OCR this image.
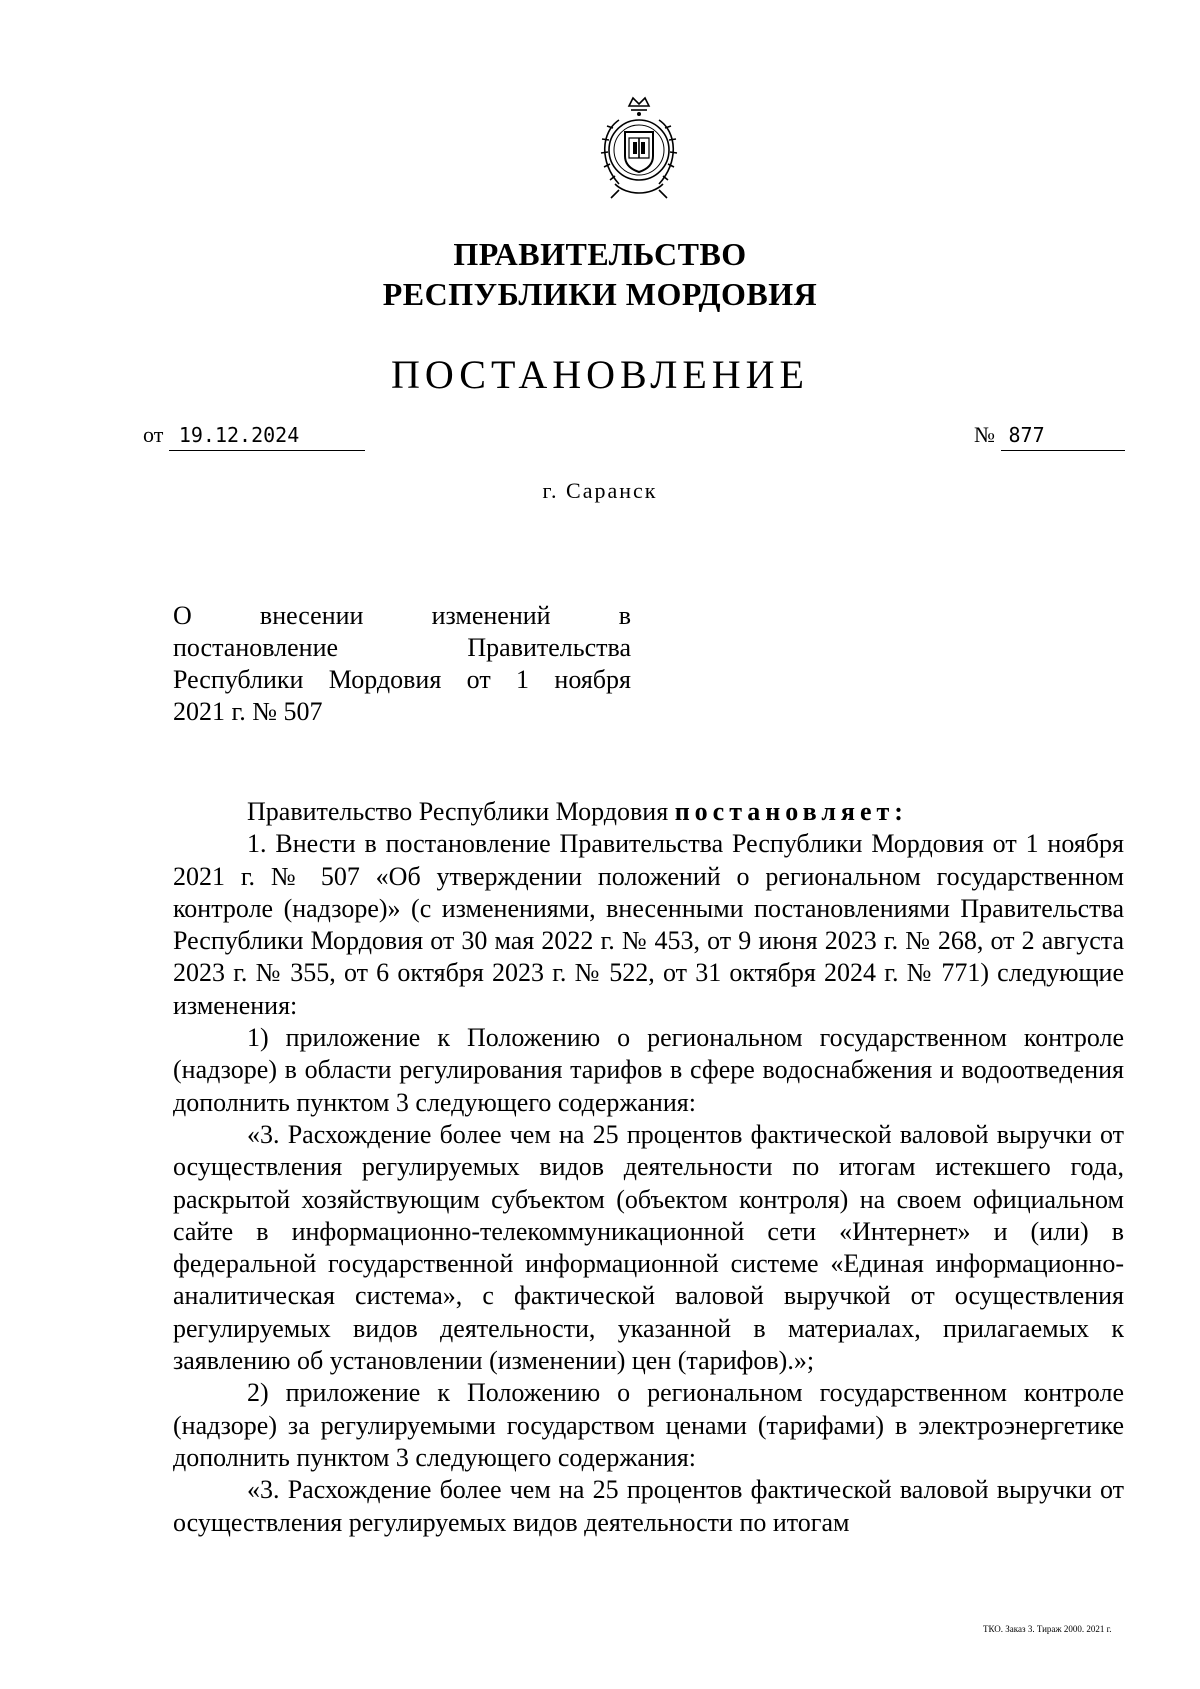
ПРАВИТЕЛЬСТВО
РЕСПУБЛИКИ МОРДОВИЯ
ПОСТАНОВЛЕНИЕ
от 19.12.2024	№ 877
г. Саранск
О внесении изменений в
постановление Правительства
Республики Мордовия от 1 ноября
2021 г. № 507

Правительство Республики Мордовия постановляет:

1. Внести в постановление Правительства Республики Мордовия от 1 ноября 2021 г. № 507 «Об утверждении положений о региональном государственном контроле (надзоре)» (с изменениями, внесенными постановлениями Правительства Республики Мордовия от 30 мая 2022 г. № 453, от 9 июня 2023 г. № 268, от 2 августа 2023 г. № 355, от 6 октября 2023 г. № 522, от 31 октября 2024 г. № 771) следующие изменения:

1) приложение к Положению о региональном государственном контроле (надзоре) в области регулирования тарифов в сфере водоснабжения и водоотведения дополнить пунктом 3 следующего содержания:

«3. Расхождение более чем на 25 процентов фактической валовой выручки от осуществления регулируемых видов деятельности по итогам истекшего года, раскрытой хозяйствующим субъектом (объектом контроля) на своем официальном сайте в информационно-телекоммуникационной сети «Интернет» и (или) в федеральной государственной информационной системе «Единая информационно-аналитическая система», с фактической валовой выручкой от осуществления регулируемых видов деятельности, указанной в материалах, прилагаемых к заявлению об установлении (изменении) цен (тарифов).»;

2) приложение к Положению о региональном государственном контроле (надзоре) за регулируемыми государством ценами (тарифами) в электроэнергетике дополнить пунктом 3 следующего содержания:

«3. Расхождение более чем на 25 процентов фактической валовой выручки от осуществления регулируемых видов деятельности по итогам

ТКО. Заказ 3. Тираж 2000. 2021 г.
